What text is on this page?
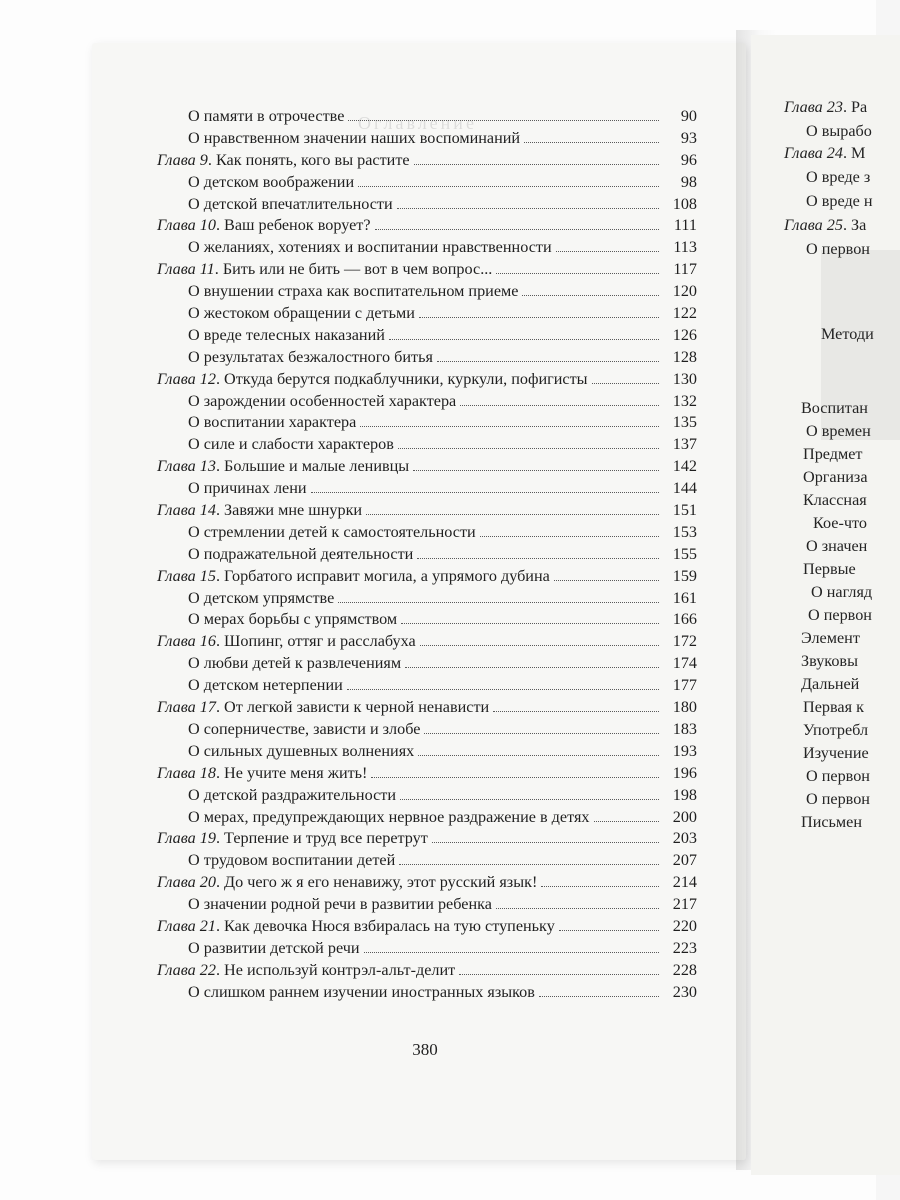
Оглавление
О памяти в отрочестве	90
О нравственном значении наших воспоминаний	93
Глава 9. Как понять, кого вы растите	96
О детском воображении	98
О детской впечатлительности	108
Глава 10. Ваш ребенок ворует?	111
О желаниях, хотениях и воспитании нравственности	113
Глава 11. Бить или не бить — вот в чем вопрос...	117
О внушении страха как воспитательном приеме	120
О жестоком обращении с детьми	122
О вреде телесных наказаний	126
О результатах безжалостного битья	128
Глава 12. Откуда берутся подкаблучники, куркули, пофигисты	130
О зарождении особенностей характера	132
О воспитании характера	135
О силе и слабости характеров	137
Глава 13. Большие и малые ленивцы	142
О причинах лени	144
Глава 14. Завяжи мне шнурки	151
О стремлении детей к самостоятельности	153
О подражательной деятельности	155
Глава 15. Горбатого исправит могила, а упрямого дубина	159
О детском упрямстве	161
О мерах борьбы с упрямством	166
Глава 16. Шопинг, оттяг и расслабуха	172
О любви детей к развлечениям	174
О детском нетерпении	177
Глава 17. От легкой зависти к черной ненависти	180
О соперничестве, зависти и злобе	183
О сильных душевных волнениях	193
Глава 18. Не учите меня жить!	196
О детской раздражительности	198
О мерах, предупреждающих нервное раздражение в детях	200
Глава 19. Терпение и труд все перетрут	203
О трудовом воспитании детей	207
Глава 20. До чего ж я его ненавижу, этот русский язык!	214
О значении родной речи в развитии ребенка	217
Глава 21. Как девочка Нюся взбиралась на тую ступеньку	220
О развитии детской речи	223
Глава 22. Не используй контрэл-альт-делит	228
О слишком раннем изучении иностранных языков	230
380
Глава 23. Ра
О вырабо
Глава 24. М
О вреде з
О вреде н
Глава 25. За
О первон
Методи
Воспитан
О времен
Предмет
Организа
Классная
Кое-что
О значен
Первые
О нагляд
О первон
Элемент
Звуковы
Дальней
Первая к
Употребл
Изучение
О первон
О первон
Письмен
